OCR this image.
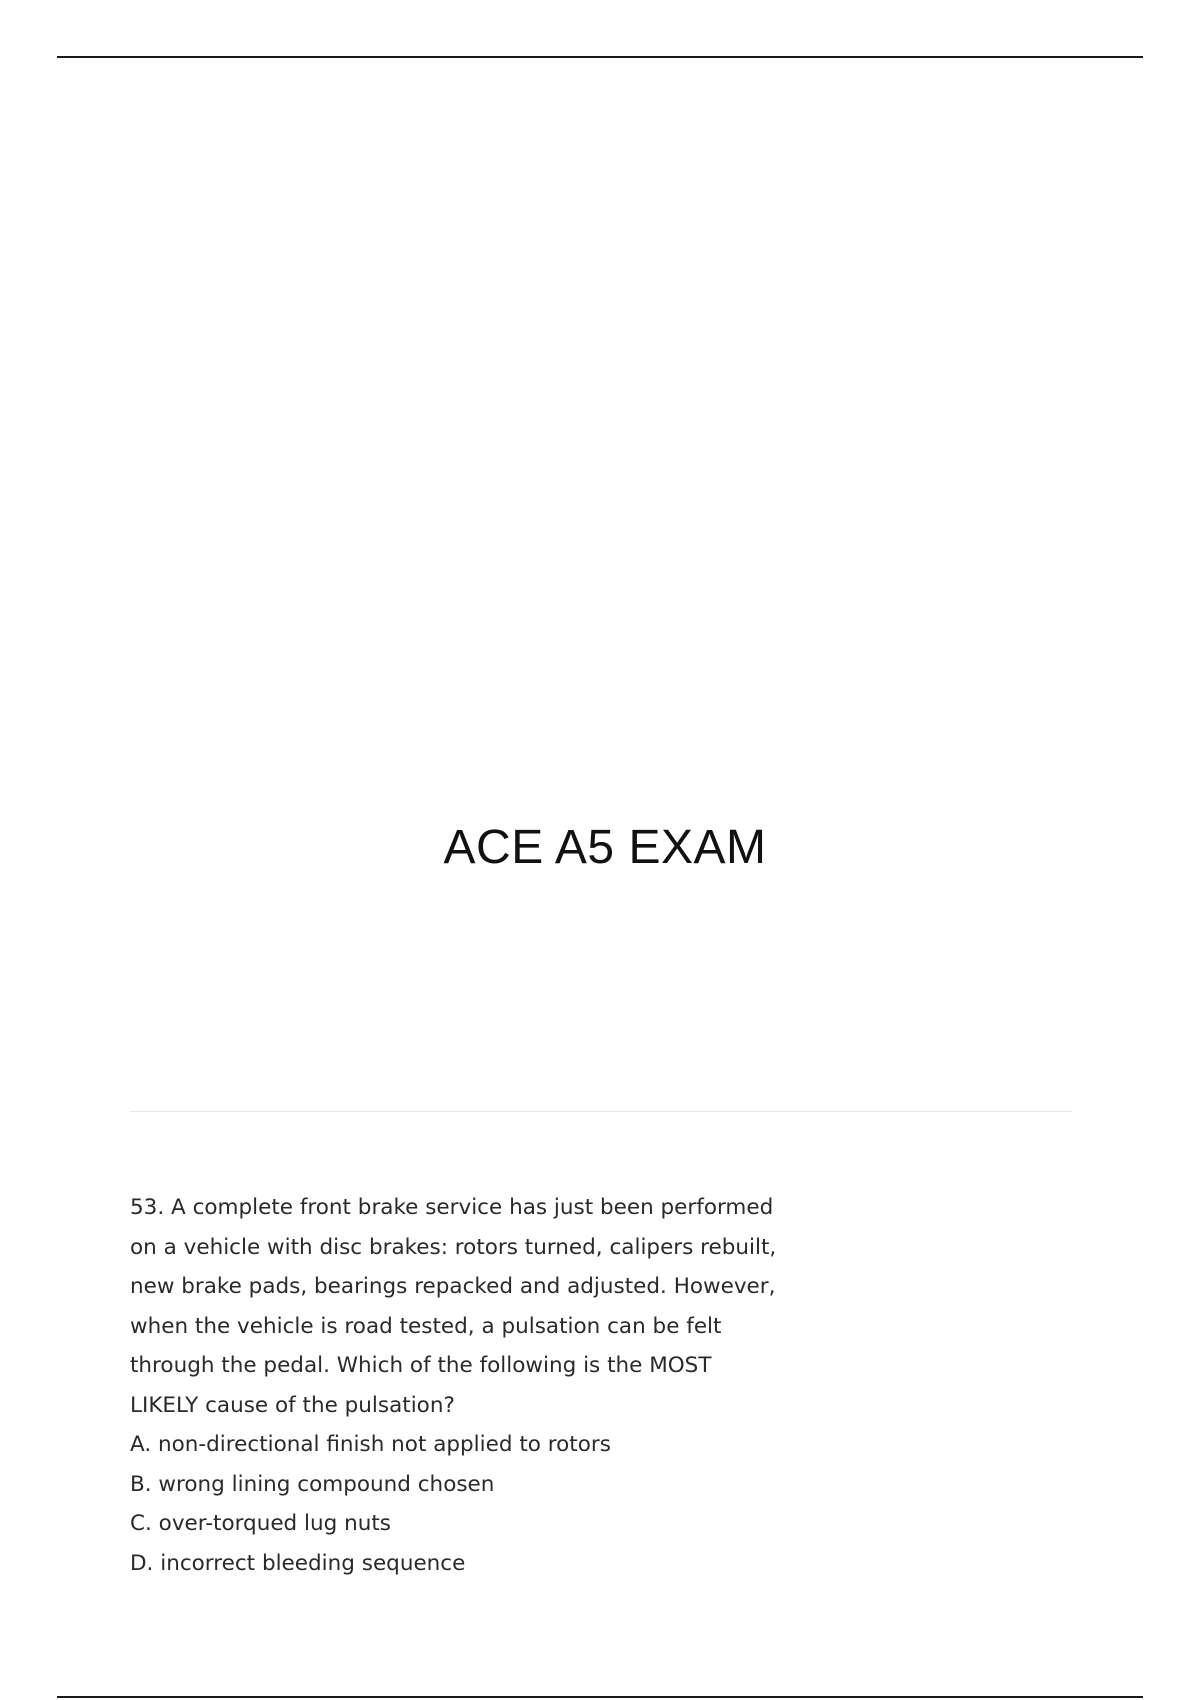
ACE A5 EXAM
53. A complete front brake service has just been performed
on a vehicle with disc brakes: rotors turned, calipers rebuilt,
new brake pads, bearings repacked and adjusted. However,
when the vehicle is road tested, a pulsation can be felt
through the pedal. Which of the following is the MOST
LIKELY cause of the pulsation?
A. non-directional finish not applied to rotors
B. wrong lining compound chosen
C. over-torqued lug nuts
D. incorrect bleeding sequence
